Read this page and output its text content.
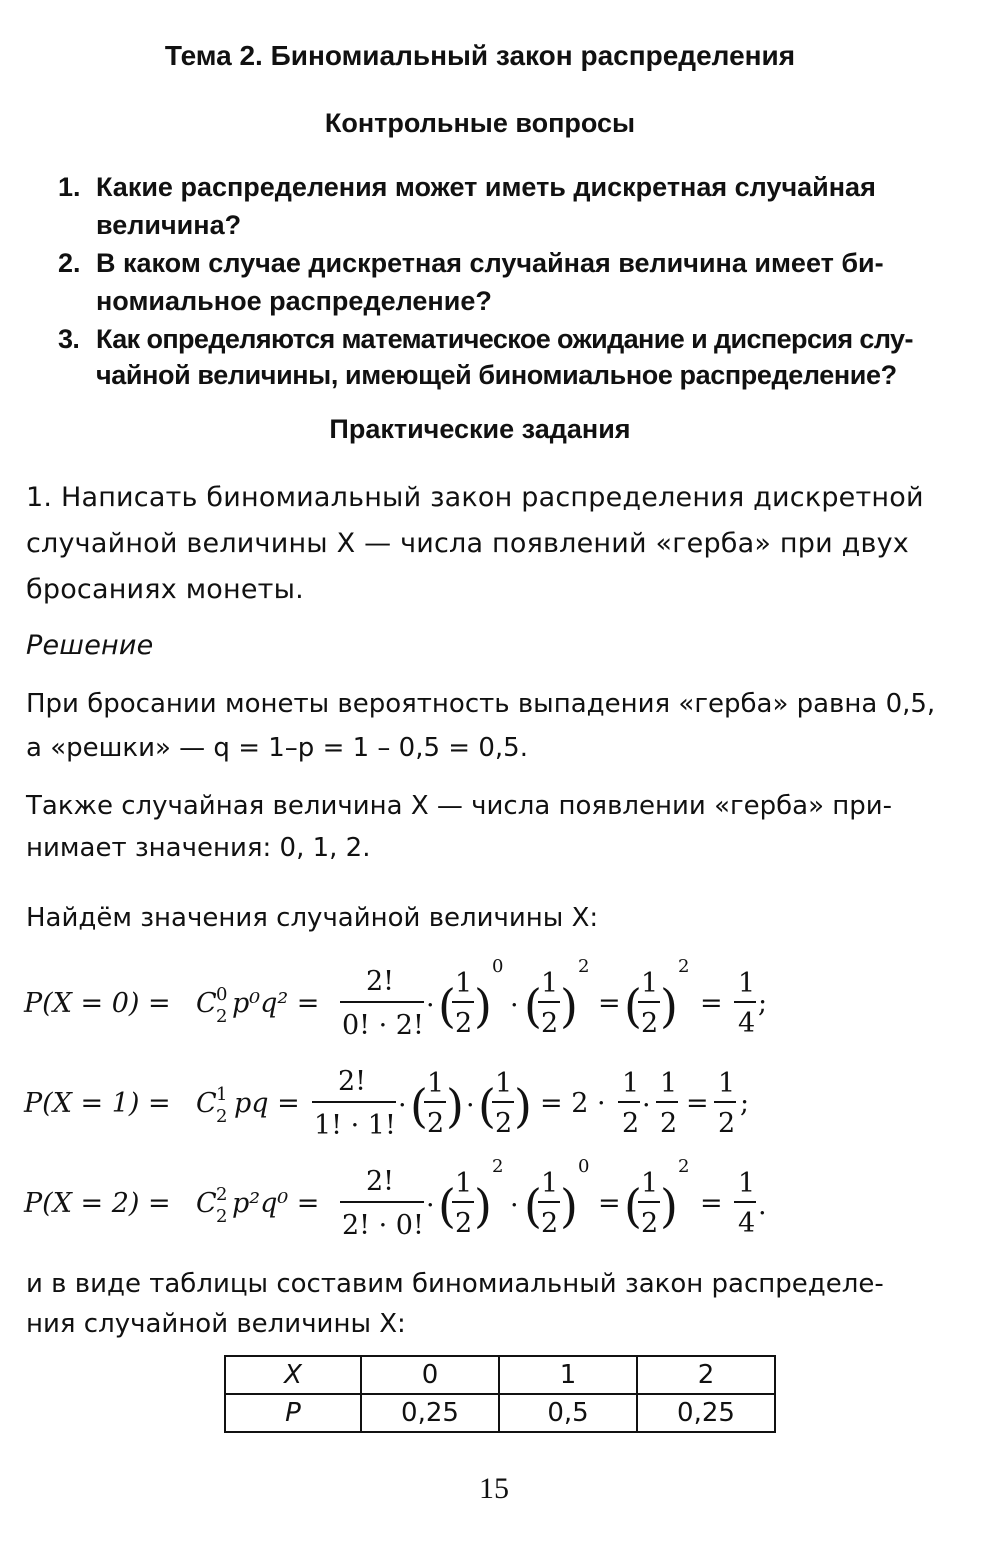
Тема 2. Биномиальный закон распределения
Контрольные вопросы
1. Какие распределения может иметь дискретная случайная
величина?
2. В каком случае дискретная случайная величина имеет би-
номиальное распределение?
3. Как определяются математическое ожидание и дисперсия слу-
чайной величины, имеющей биномиальное распределение?
Практические задания

1. Написать биномиальный закон распределения дискретной

случайной величины X — числа появлений «герба» при двух

бросаниях монеты.

Решение

При бросании монеты вероятность выпадения «герба» равна 0,5,

а «решки» — q = 1–p = 1 – 0,5 = 0,5.

Также случайная величина X — числа появлении «герба» при-

нимает значения: 0, 1, 2.

Найдём значения случайной величины X:

P(X = 0) = C 0
2 p⁰q² =
2!
0! · 2!
· ( 1
2 )
0
· ( 1
2 )
2
= ( 1
2 )
2
=
1
4
;
P(X = 1) = C 1
2 pq =
2!
1! · 1!
· ( 1
2 ) · ( 1
2 ) = 2 ·
1
2
·
1
2
=
1
2
;
P(X = 2) = C 2
2 p²q⁰ =
2!
2! · 0!
· ( 1
2 )
2
· ( 1
2 )
0
= ( 1
2 )
2
=
1
4
.

и в виде таблицы составим биномиальный закон распределе-

ния случайной величины X:

X	0	1	2
P	0,25	0,5	0,25

15
